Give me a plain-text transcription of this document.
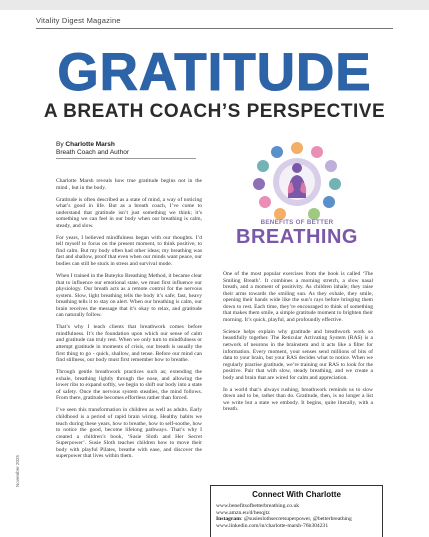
Vitality Digest Magazine
GRATITUDE
A BREATH COACH’S PERSPECTIVE
By Charlotte Marsh
Breath Coach and Author

Charlotte Marsh reveals how true gratitude begins not in the mind , but in the body.

Gratitude is often described as a state of mind, a way of noticing what’s good in life. But as a breath coach, I’ve come to understand that gratitude isn’t just something we think; it’s something we can feel in our body when our breathing is calm, steady, and slow.

For years, I believed mindfulness began with our thoughts. I’d tell myself to focus on the present moment, to think positive, to find calm. But my body often had other ideas; my breathing was fast and shallow, proof that even when our minds want peace, our bodies can still be stuck in stress and survival mode.

When I trained in the Buteyko Breathing Method, it became clear that to influence our emotional state, we must first influence our physiology. Our breath acts as a remote control for the nervous system. Slow, light breathing tells the body it’s safe; fast, heavy breathing tells it to stay on alert. When our breathing is calm, our brain receives the message that it’s okay to relax, and gratitude can naturally follow.

That’s why I teach clients that breathwork comes before mindfulness. It’s the foundation upon which our sense of calm and gratitude can truly rest. When we only turn to mindfulness or attempt gratitude in moments of crisis, our breath is usually the first thing to go - quick, shallow, and tense. Before our mind can find stillness, our body must first remember how to breathe.

Through gentle breathwork practices such as; extending the exhale, breathing lightly through the nose, and allowing the lower ribs to expand softly, we begin to shift our body into a state of safety. Once the nervous system steadies, the mind follows. From there, gratitude becomes effortless rather than forced.

I’ve seen this transformation in children as well as adults. Early childhood is a period of rapid brain wiring. Healthy habits we teach during these years, how to breathe, how to self-soothe, how to notice the good, become lifelong pathways. That’s why I created a children’s book, ‘Susie Sloth and Her Secret Superpower’. Susie Sloth teaches children how to move their body with playful Pilates, breathe with ease, and discover the superpower that lives within them.

November 2025
BENEFITS OF BETTER
BREATHING

One of the most popular exercises from the book is called ‘The Smiling Breath’. It combines a morning stretch, a slow nasal breath, and a moment of positivity. As children inhale; they raise their arms towards the smiling sun. As they exhale, they smile, opening their hands wide like the sun’s rays before bringing them down to rest. Each time, they’re encouraged to think of something that makes them smile, a simple gratitude moment to brighten their morning. It’s quick, playful, and profoundly effective.

Science helps explain why gratitude and breathwork work so beautifully together. The Reticular Activating System (RAS) is a network of neurons in the brainstem and it acts like a filter for information. Every moment, your senses send millions of bits of data to your brain, but your RAS decides what to notice. When we regularly practise gratitude, we’re training our RAS to look for the positive. Pair that with slow, steady breathing, and we create a body and brain that are wired for calm and appreciation.

In a world that’s always rushing, breathwork reminds us to slow down and to be, rather than do. Gratitude, then, is no longer a list we write but a state we embody. It begins, quite literally, with a breath.

Connect With Charlotte
www.benefitsofbetterbreathing.co.uk
www.amzn.eu/d/hesqjtz
Instagram: @susieslothsecretsuperpower, @betterbreathing
www.linkedin.com/in/charlotte-marsh-76b304231
